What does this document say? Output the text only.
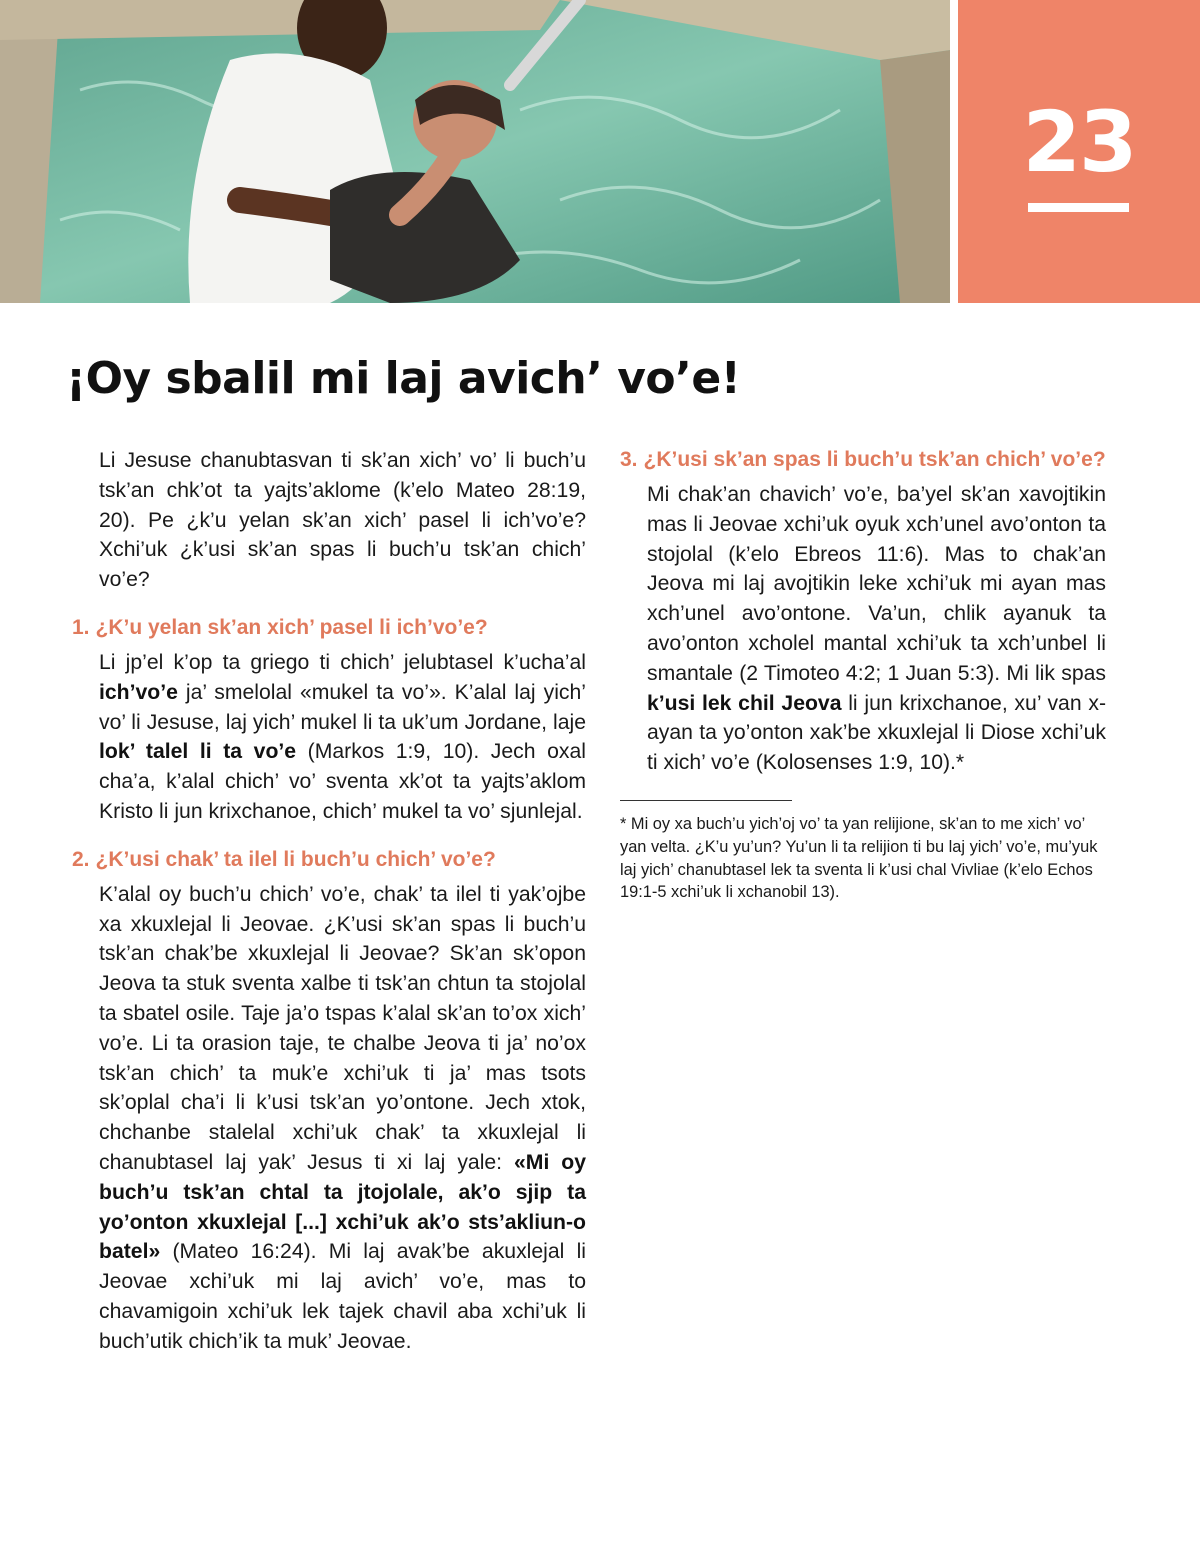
23
¡Oy sbalil mi laj avich’ vo’e!

Li Jesuse chanubtasvan ti sk’an xich’ vo’ li buch’u tsk’an chk’ot ta yajts’aklome (k’elo Mateo 28:19, 20). Pe ¿k’u yelan sk’an xich’ pasel li ich’vo’e? Xchi’uk ¿k’usi sk’an spas li buch’u tsk’an chich’ vo’e?

1. ¿K’u yelan sk’an xich’ pasel li ich’vo’e?

Li jp’el k’op ta griego ti chich’ jelubtasel k’ucha’al ich’vo’e ja’ smelolal «mukel ta vo’». K’alal laj yich’ vo’ li Jesuse, laj yich’ mukel li ta uk’um Jordane, laje lok’ talel li ta vo’e (Markos 1:9, 10). Jech oxal cha’a, k’alal chich’ vo’ sventa xk’ot ta yajts’aklom Kristo li jun krixchanoe, chich’ mukel ta vo’ sjunlejal.

2. ¿K’usi chak’ ta ilel li buch’u chich’ vo’e?

K’alal oy buch’u chich’ vo’e, chak’ ta ilel ti yak’ojbe xa xkuxlejal li Jeovae. ¿K’usi sk’an spas li buch’u tsk’an chak’be xkuxlejal li Jeovae? Sk’an sk’opon Jeova ta stuk sventa xalbe ti tsk’an chtun ta stojolal ta sbatel osile. Taje ja’o tspas k’alal sk’an to’ox xich’ vo’e. Li ta orasion taje, te chalbe Jeova ti ja’ no’ox tsk’an chich’ ta muk’e xchi’uk ti ja’ mas tsots sk’oplal cha’i li k’usi tsk’an yo’ontone. Jech xtok, chchanbe stalelal xchi’uk chak’ ta xkuxlejal li chanubtasel laj yak’ Jesus ti xi laj yale: «Mi oy buch’u tsk’an chtal ta jtojolale, ak’o sjip ta yo’onton xkuxlejal [...] xchi’uk ak’o sts’akliun-o batel» (Mateo 16:24). Mi laj avak’be akuxlejal li Jeovae xchi’uk mi laj avich’ vo’e, mas to chavamigoin xchi’uk lek tajek chavil aba xchi’uk li buch’utik chich’ik ta muk’ Jeovae.

3. ¿K’usi sk’an spas li buch’u tsk’an chich’ vo’e?

Mi chak’an chavich’ vo’e, ba’yel sk’an xavojtikin mas li Jeovae xchi’uk oyuk xch’unel avo’onton ta stojolal (k’elo Ebreos 11:6). Mas to chak’an Jeova mi laj avojtikin leke xchi’uk mi ayan mas xch’unel avo’ontone. Va’un, chlik ayanuk ta avo’onton xcholel mantal xchi’uk ta xch’unbel li smantale (2 Timoteo 4:2; 1 Juan 5:3). Mi lik spas k’usi lek chil Jeova li jun krixchanoe, xu’ van x-ayan ta yo’onton xak’be xkuxlejal li Diose xchi’uk ti xich’ vo’e (Kolosenses 1:9, 10).*

* Mi oy xa buch’u yich’oj vo’ ta yan relijione, sk’an to me xich’ vo’ yan velta. ¿K’u yu’un? Yu’un li ta relijion ti bu laj yich’ vo’e, mu’yuk laj yich’ chanubtasel lek ta sventa li k’usi chal Vivliae (k’elo Echos 19:1-5 xchi’uk li xchanobil 13).
